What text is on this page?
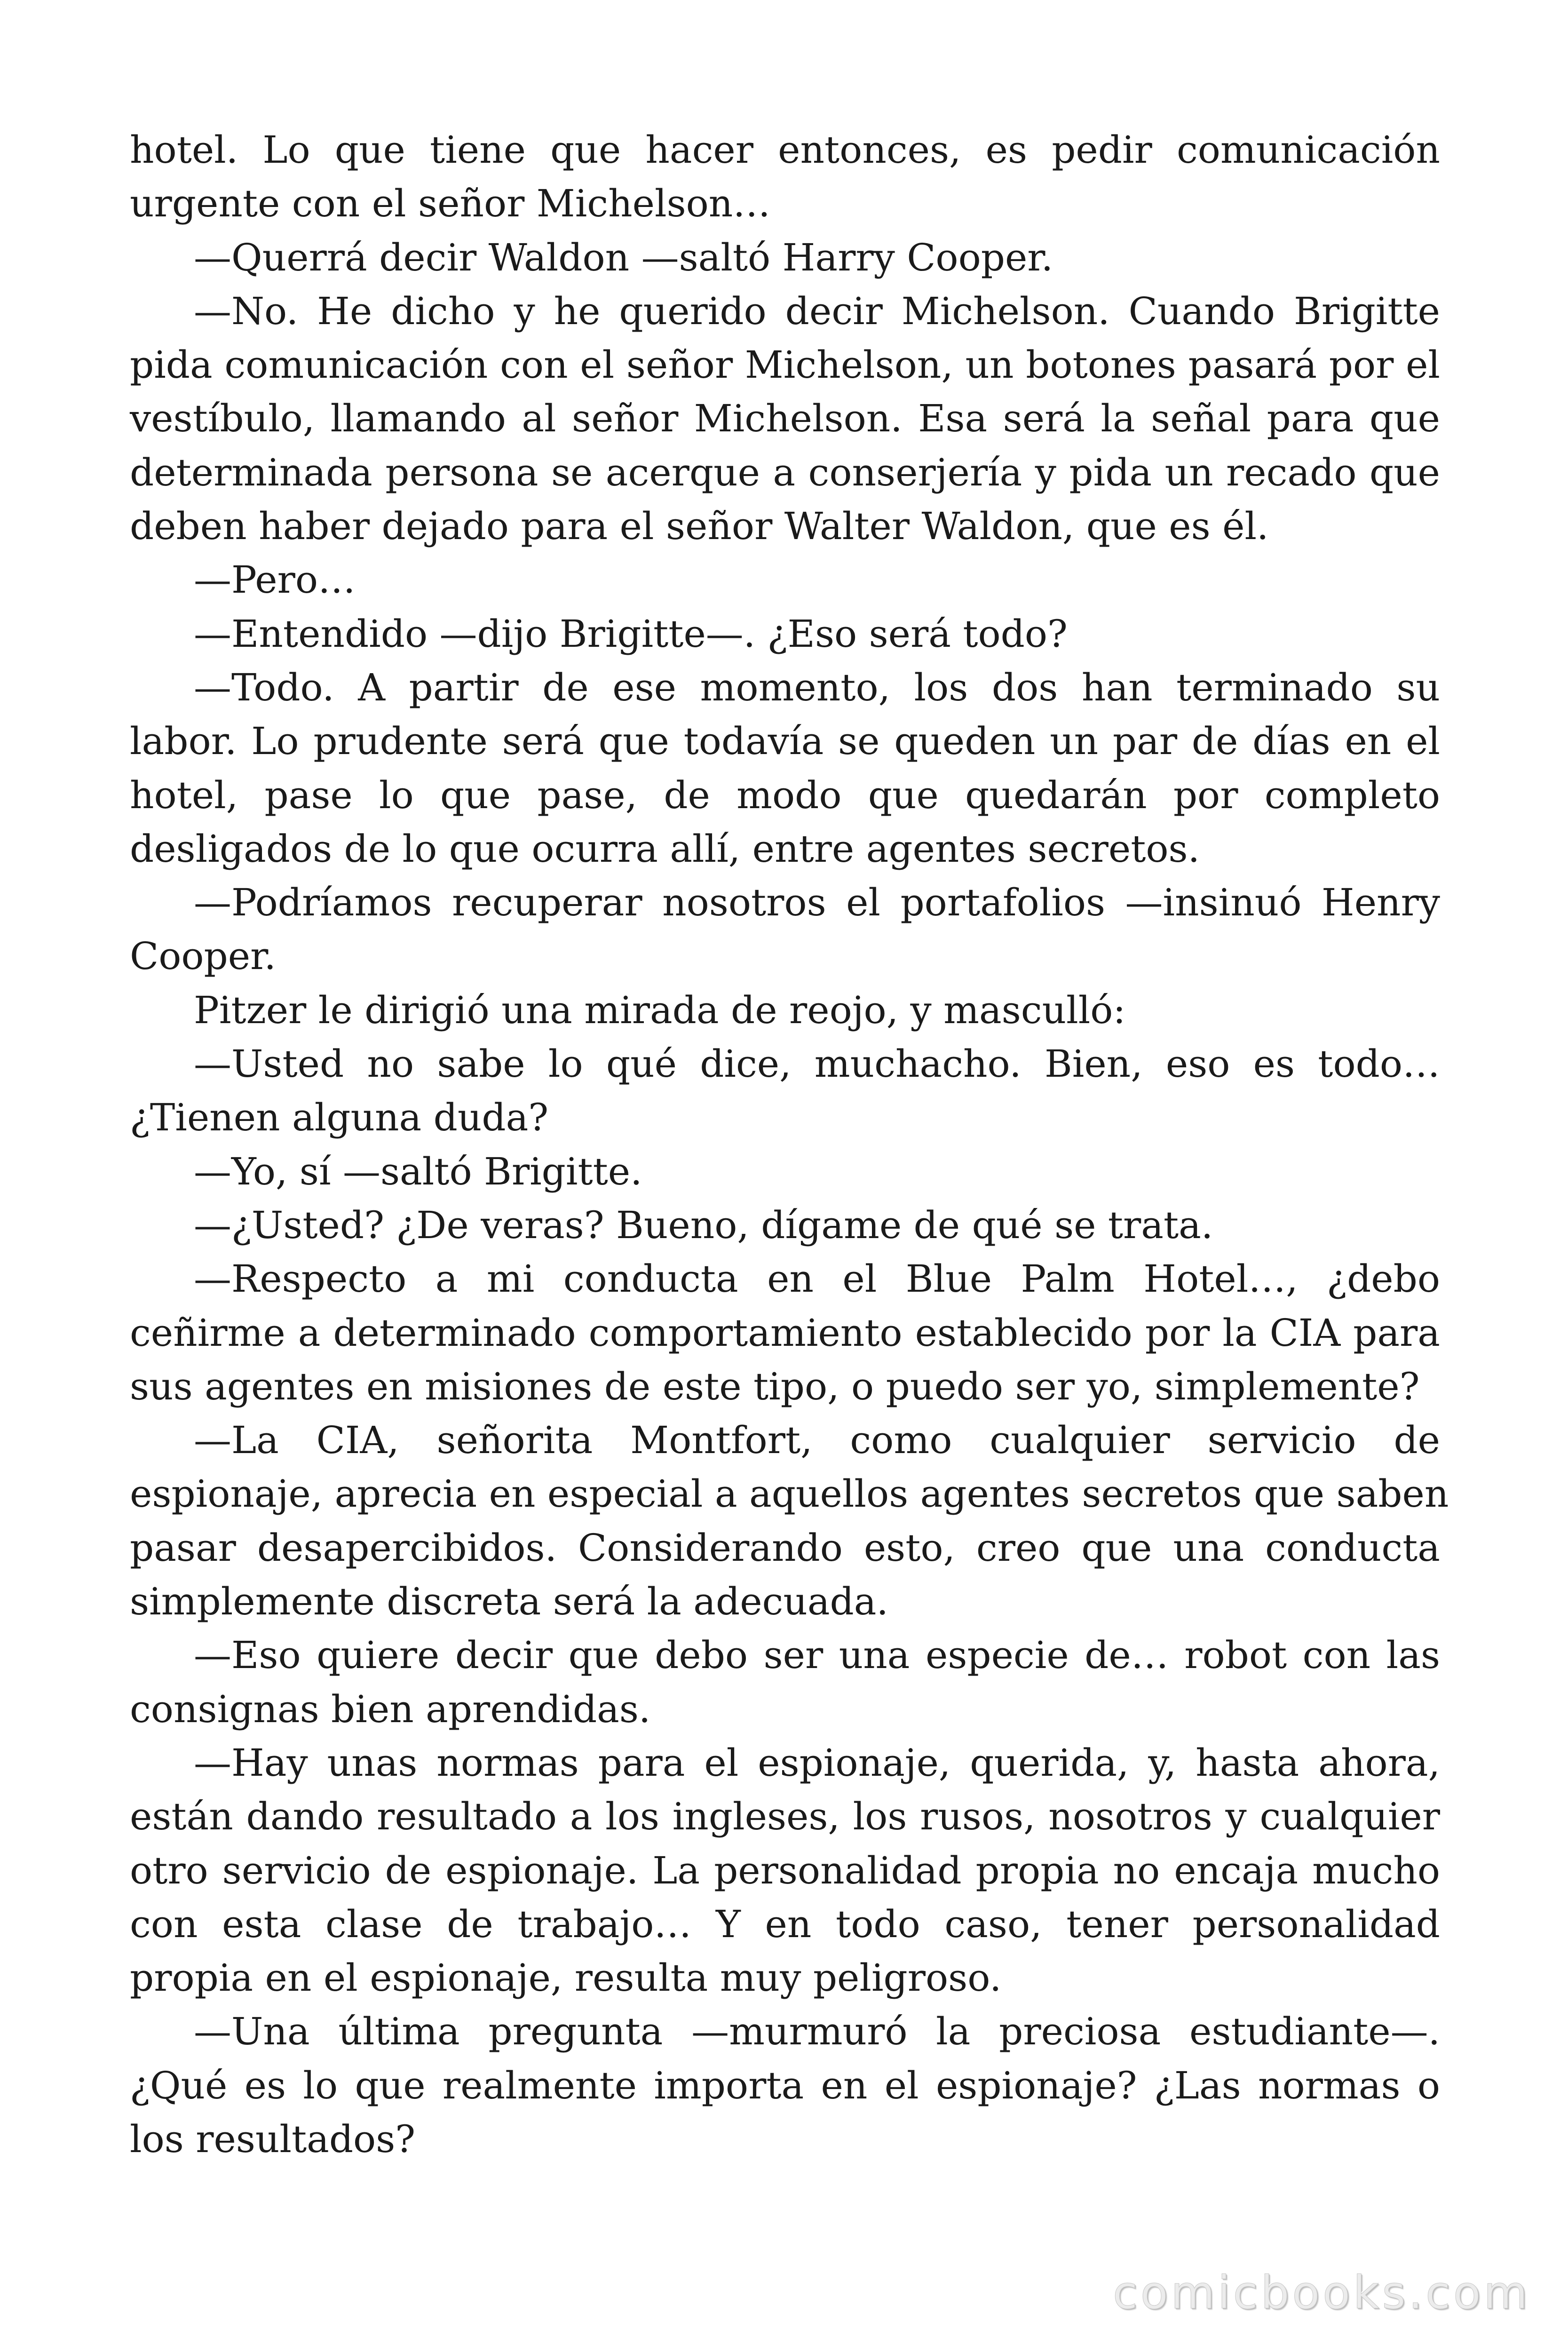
hotel. Lo que tiene que hacer entonces, es pedir comunicación
urgente con el señor Michelson…
—Querrá decir Waldon —saltó Harry Cooper.
—No. He dicho y he querido decir Michelson. Cuando Brigitte
pida comunicación con el señor Michelson, un botones pasará por el
vestíbulo, llamando al señor Michelson. Esa será la señal para que
determinada persona se acerque a conserjería y pida un recado que
deben haber dejado para el señor Walter Waldon, que es él.
—Pero…
—Entendido —dijo Brigitte—. ¿Eso será todo?
—Todo. A partir de ese momento, los dos han terminado su
labor. Lo prudente será que todavía se queden un par de días en el
hotel, pase lo que pase, de modo que quedarán por completo
desligados de lo que ocurra allí, entre agentes secretos.
—Podríamos recuperar nosotros el portafolios —insinuó Henry
Cooper.
Pitzer le dirigió una mirada de reojo, y masculló:
—Usted no sabe lo qué dice, muchacho. Bien, eso es todo…
¿Tienen alguna duda?
—Yo, sí —saltó Brigitte.
—¿Usted? ¿De veras? Bueno, dígame de qué se trata.
—Respecto a mi conducta en el Blue Palm Hotel…, ¿debo
ceñirme a determinado comportamiento establecido por la CIA para
sus agentes en misiones de este tipo, o puedo ser yo, simplemente?
—La CIA, señorita Montfort, como cualquier servicio de
espionaje, aprecia en especial a aquellos agentes secretos que saben
pasar desapercibidos. Considerando esto, creo que una conducta
simplemente discreta será la adecuada.
—Eso quiere decir que debo ser una especie de… robot con las
consignas bien aprendidas.
—Hay unas normas para el espionaje, querida, y, hasta ahora,
están dando resultado a los ingleses, los rusos, nosotros y cualquier
otro servicio de espionaje. La personalidad propia no encaja mucho
con esta clase de trabajo… Y en todo caso, tener personalidad
propia en el espionaje, resulta muy peligroso.
—Una última pregunta —murmuró la preciosa estudiante—.
¿Qué es lo que realmente importa en el espionaje? ¿Las normas o
los resultados?
comicbooks.com
